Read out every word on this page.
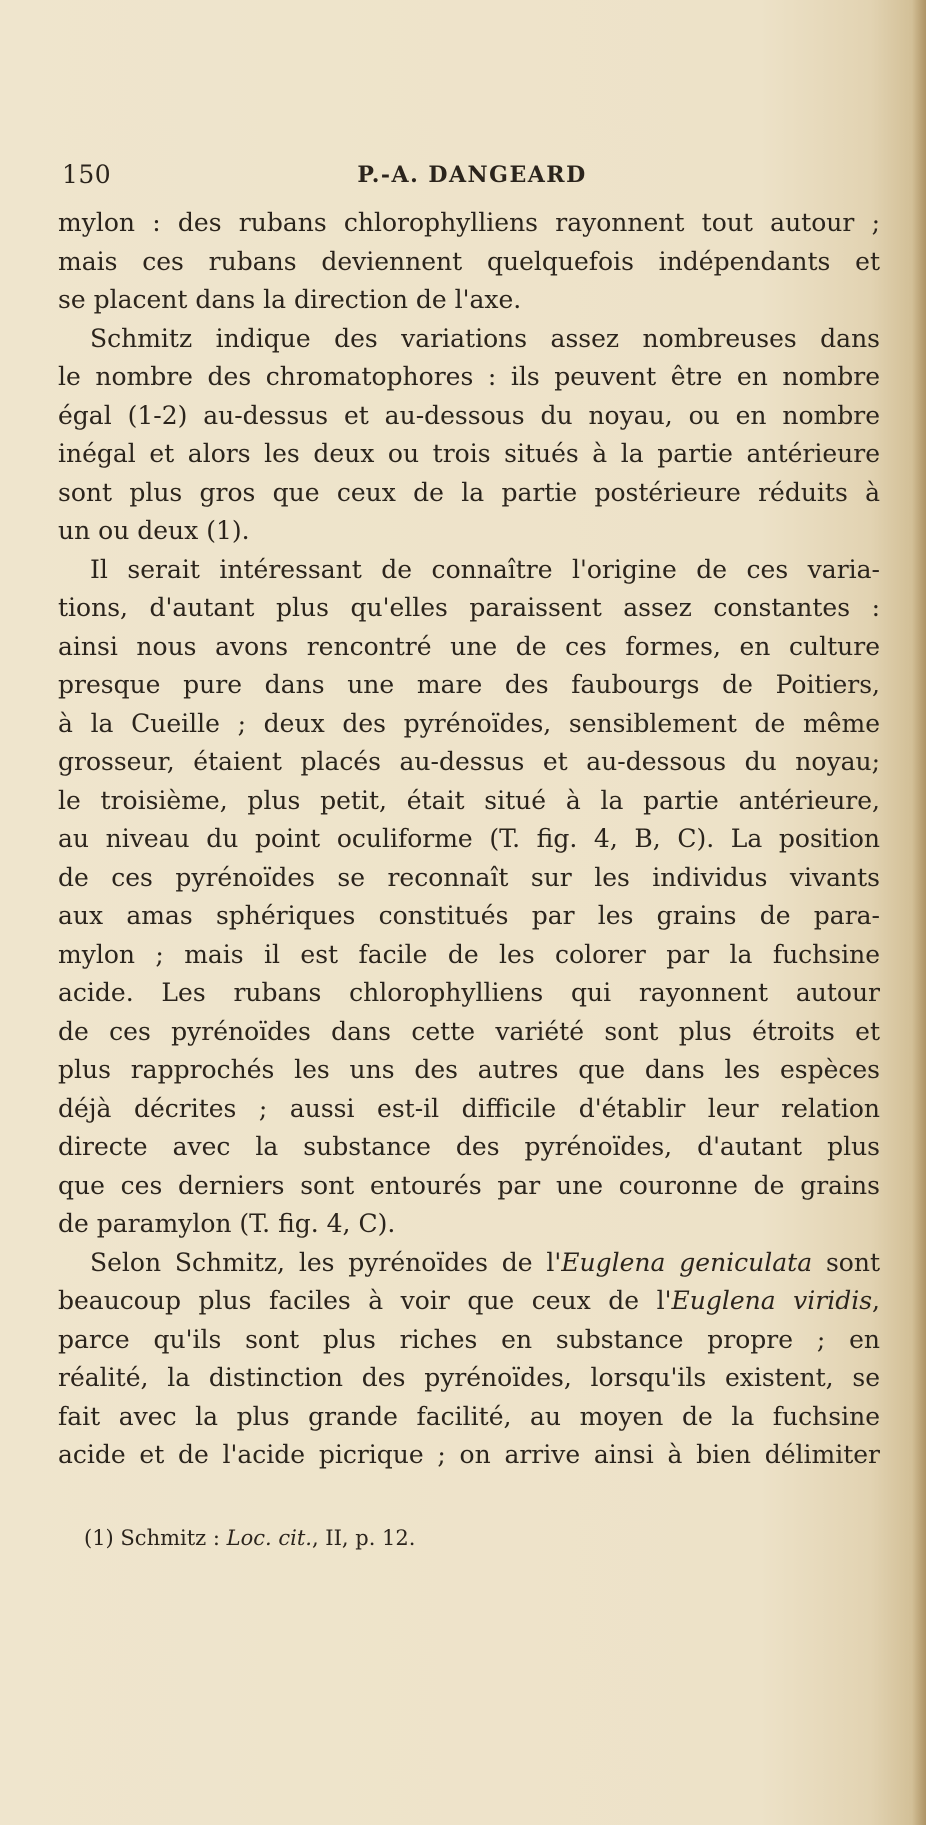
150	P.-A. DANGEARD
mylon : des rubans chlorophylliens rayonnent tout autour ;
mais ces rubans deviennent quelquefois indépendants et
se placent dans la direction de l'axe.
Schmitz indique des variations assez nombreuses dans
le nombre des chromatophores : ils peuvent être en nombre
égal (1-2) au-dessus et au-dessous du noyau, ou en nombre
inégal et alors les deux ou trois situés à la partie antérieure
sont plus gros que ceux de la partie postérieure réduits à
un ou deux (1).
Il serait intéressant de connaître l'origine de ces varia-
tions, d'autant plus qu'elles paraissent assez constantes :
ainsi nous avons rencontré une de ces formes, en culture
presque pure dans une mare des faubourgs de Poitiers,
à la Cueille ; deux des pyrénoïdes, sensiblement de même
grosseur, étaient placés au-dessus et au-dessous du noyau;
le troisième, plus petit, était situé à la partie antérieure,
au niveau du point oculiforme (T. fig. 4, B, C). La position
de ces pyrénoïdes se reconnaît sur les individus vivants
aux amas sphériques constitués par les grains de para-
mylon ; mais il est facile de les colorer par la fuchsine
acide. Les rubans chlorophylliens qui rayonnent autour
de ces pyrénoïdes dans cette variété sont plus étroits et
plus rapprochés les uns des autres que dans les espèces
déjà décrites ; aussi est-il difficile d'établir leur relation
directe avec la substance des pyrénoïdes, d'autant plus
que ces derniers sont entourés par une couronne de grains
de paramylon (T. fig. 4, C).
Selon Schmitz, les pyrénoïdes de l'Euglena geniculata sont
beaucoup plus faciles à voir que ceux de l'Euglena viridis,
parce qu'ils sont plus riches en substance propre ; en
réalité, la distinction des pyrénoïdes, lorsqu'ils existent, se
fait avec la plus grande facilité, au moyen de la fuchsine
acide et de l'acide picrique ; on arrive ainsi à bien délimiter
(1) Schmitz : Loc. cit., II, p. 12.
